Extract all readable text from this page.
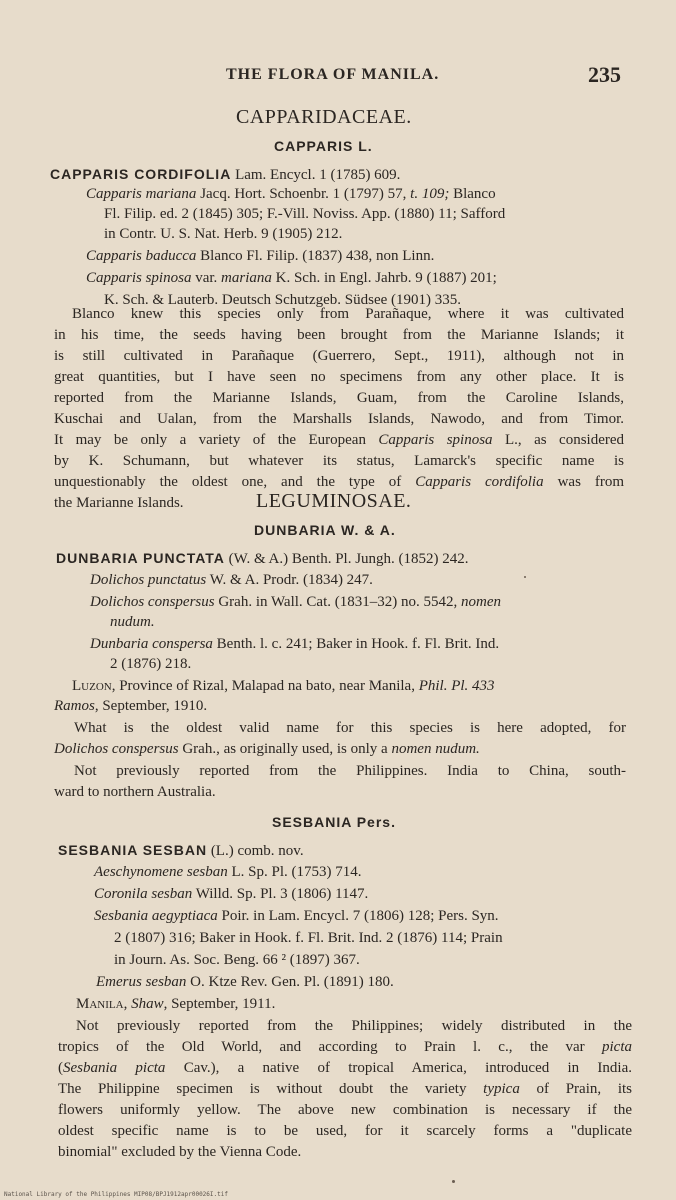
THE FLORA OF MANILA.	235
CAPPARIDACEAE.
CAPPARIS L.
CAPPARIS CORDIFOLIA Lam. Encycl. 1 (1785) 609.
Capparis mariana Jacq. Hort. Schoenbr. 1 (1797) 57, t. 109; Blanco
Fl. Filip. ed. 2 (1845) 305; F.-Vill. Noviss. App. (1880) 11; Safford
in Contr. U. S. Nat. Herb. 9 (1905) 212.
Capparis baducca Blanco Fl. Filip. (1837) 438, non Linn.
Capparis spinosa var. mariana K. Sch. in Engl. Jahrb. 9 (1887) 201;
K. Sch. & Lauterb. Deutsch Schutzgeb. Südsee (1901) 335.
Blanco knew this species only from Parañaque, where it was cultivated
in his time, the seeds having been brought from the Marianne Islands; it
is still cultivated in Parañaque (Guerrero, Sept., 1911), although not in
great quantities, but I have seen no specimens from any other place. It is
reported from the Marianne Islands, Guam, from the Caroline Islands,
Kuschai and Ualan, from the Marshalls Islands, Nawodo, and from Timor.
It may be only a variety of the European Capparis spinosa L., as considered
by K. Schumann, but whatever its status, Lamarck's specific name is
unquestionably the oldest one, and the type of Capparis cordifolia was from
the Marianne Islands.	LEGUMINOSAE.
DUNBARIA W. & A.
DUNBARIA PUNCTATA (W. & A.) Benth. Pl. Jungh. (1852) 242.
Dolichos punctatus W. & A. Prodr. (1834) 247.
Dolichos conspersus Grah. in Wall. Cat. (1831–32) no. 5542, nomen
nudum.
Dunbaria conspersa Benth. l. c. 241; Baker in Hook. f. Fl. Brit. Ind.
2 (1876) 218.
Luzon, Province of Rizal, Malapad na bato, near Manila, Phil. Pl. 433
Ramos, September, 1910.
What is the oldest valid name for this species is here adopted, for
Dolichos conspersus Grah., as originally used, is only a nomen nudum.
Not previously reported from the Philippines. India to China, south-
ward to northern Australia.
SESBANIA Pers.
SESBANIA SESBAN (L.) comb. nov.
Aeschynomene sesban L. Sp. Pl. (1753) 714.
Coronila sesban Willd. Sp. Pl. 3 (1806) 1147.
Sesbania aegyptiaca Poir. in Lam. Encycl. 7 (1806) 128; Pers. Syn.
2 (1807) 316; Baker in Hook. f. Fl. Brit. Ind. 2 (1876) 114; Prain
in Journ. As. Soc. Beng. 66 ² (1897) 367.
Emerus sesban O. Ktze Rev. Gen. Pl. (1891) 180.
Manila, Shaw, September, 1911.
Not previously reported from the Philippines; widely distributed in the
tropics of the Old World, and according to Prain l. c., the var picta
(Sesbania picta Cav.), a native of tropical America, introduced in India.
The Philippine specimen is without doubt the variety typica of Prain, its
flowers uniformly yellow. The above new combination is necessary if the
oldest specific name is to be used, for it scarcely forms a "duplicate
binomial" excluded by the Vienna Code.
National Library of the Philippines MIP08/BPJ1912apr00026I.tif
